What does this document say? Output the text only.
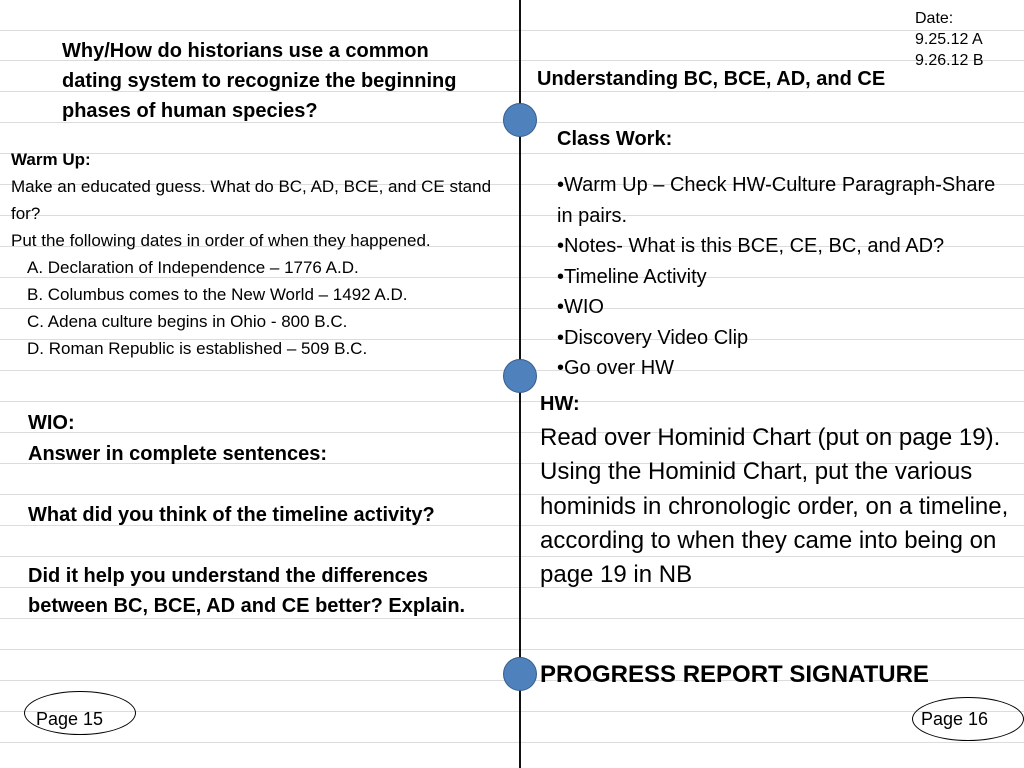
Date:
9.25.12 A
9.26.12 B
Why/How do historians use a common dating system to recognize the beginning phases of human species?
Warm Up:
Make an educated guess. What do BC, AD, BCE, and CE stand for?
Put the following dates in order of when they happened.
A. Declaration of Independence – 1776 A.D.
B. Columbus comes to the New World – 1492 A.D.
C. Adena culture begins in Ohio - 800 B.C.
D. Roman Republic is established – 509 B.C.
WIO:
Answer in complete sentences:
What did you think of the timeline activity?
Did it help you understand the differences between BC, BCE, AD and CE better? Explain.
Page 15
Understanding BC, BCE, AD, and CE
Class Work:
•Warm Up – Check HW-Culture Paragraph-Share in pairs.
•Notes- What is this BCE, CE, BC, and AD?
•Timeline Activity
•WIO
•Discovery Video Clip
•Go over HW
HW:
Read over Hominid Chart (put on page 19).
Using the Hominid Chart, put the various hominids in chronologic order, on a timeline, according to when they came into being on page 19 in NB
PROGRESS REPORT SIGNATURE
Page 16
